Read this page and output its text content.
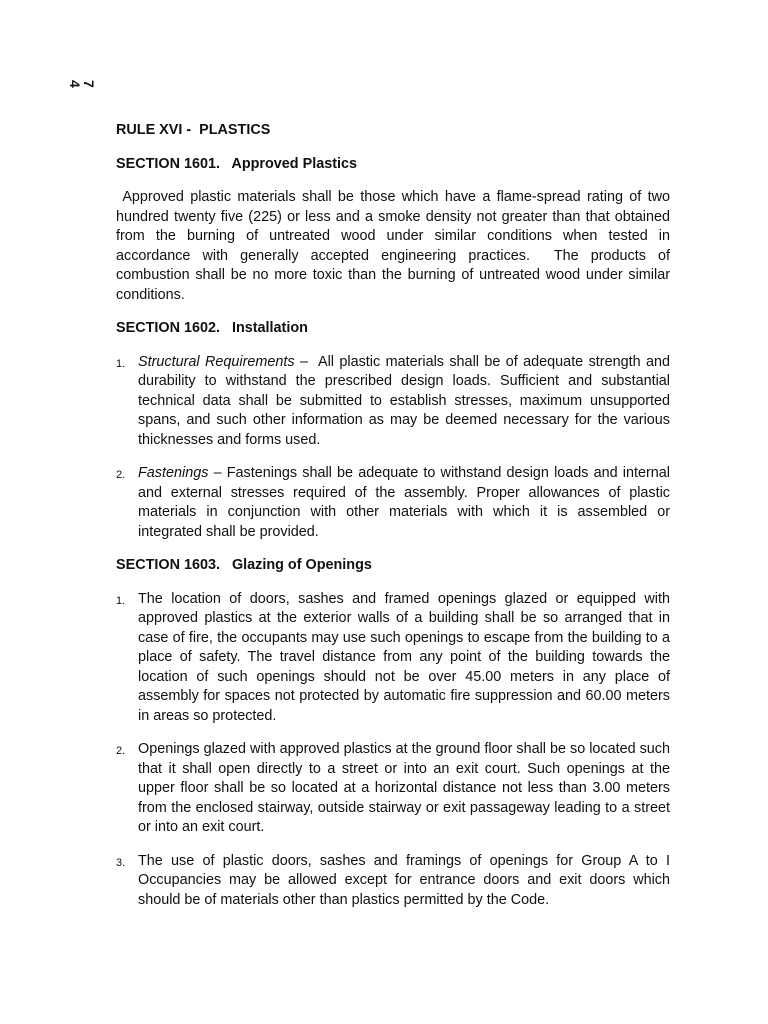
7
4

RULE XVI -  PLASTICS

SECTION 1601.   Approved Plastics

Approved plastic materials shall be those which have a flame-spread rating of two hundred twenty five (225) or less and a smoke density not greater than that obtained from the burning of untreated wood under similar conditions when tested in accordance with generally accepted engineering practices.  The products of combustion shall be no more toxic than the burning of untreated wood under similar conditions.

SECTION 1602.   Installation

1. Structural Requirements –  All plastic materials shall be of adequate strength and durability to withstand the prescribed design loads. Sufficient and substantial technical data shall be submitted to establish stresses, maximum unsupported spans, and such other information as may be deemed necessary for the various thicknesses and forms used.
2. Fastenings – Fastenings shall be adequate to withstand design loads and internal and external stresses required of the assembly. Proper allowances of plastic materials in conjunction with other materials with which it is assembled or integrated shall be provided.

SECTION 1603.   Glazing of Openings

1. The location of doors, sashes and framed openings glazed or equipped with approved plastics at the exterior walls of a building shall be so arranged that in case of fire, the occupants may use such openings to escape from the building to a place of safety. The travel distance from any point of the building towards the location of such openings should not be over 45.00 meters in any place of assembly for spaces not protected by automatic fire suppression and 60.00 meters in areas so protected.
2. Openings glazed with approved plastics at the ground floor shall be so located such that it shall open directly to a street or into an exit court. Such openings at the upper floor shall be so located at a horizontal distance not less than 3.00 meters from the enclosed stairway, outside stairway or exit passageway leading to a street or into an exit court.
3. The use of plastic doors, sashes and framings of openings for Group A to I Occupancies may be allowed except for entrance doors and exit doors which should be of materials other than plastics permitted by the Code.
